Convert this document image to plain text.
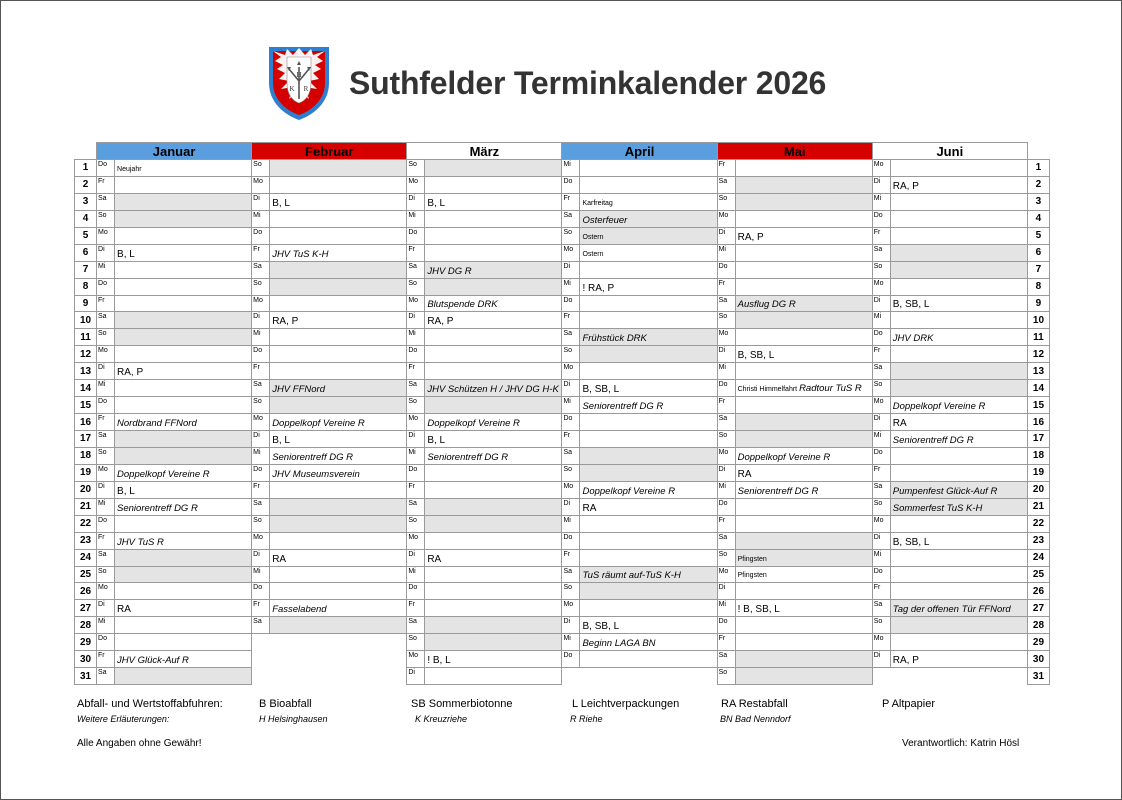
H
K R Suthfelder Terminkalender 2026
	Januar		Februar		März		April		Mai		Juni		
1	Do	Neujahr	So		So		Mi		Fr		Mo		1
2	Fr		Mo		Mo		Do		Sa		Di	RA, P	2
3	Sa		Di	B, L	Di	B, L	Fr	Karfreitag	So		Mi		3
4	So		Mi		Mi		Sa	Osterfeuer	Mo		Do		4
5	Mo		Do		Do		So	Ostern	Di	RA, P	Fr		5
6	Di	B, L	Fr	JHV TuS K-H	Fr		Mo	Ostern	Mi		Sa		6
7	Mi		Sa		Sa	JHV DG R	Di		Do		So		7
8	Do		So		So		Mi	! RA, P	Fr		Mo		8
9	Fr		Mo		Mo	Blutspende DRK	Do		Sa	Ausflug DG R	Di	B, SB, L	9
10	Sa		Di	RA, P	Di	RA, P	Fr		So		Mi		10
11	So		Mi		Mi		Sa	Frühstück DRK	Mo		Do	JHV DRK	11
12	Mo		Do		Do		So		Di	B, SB, L	Fr		12
13	Di	RA, P	Fr		Fr		Mo		Mi		Sa		13
14	Mi		Sa	JHV FFNord	Sa	JHV Schützen H / JHV DG H-K	Di	B, SB, L	Do	Christi Himmelfahrt Radtour TuS R	So		14
15	Do		So		So		Mi	Seniorentreff DG R	Fr		Mo	Doppelkopf Vereine R	15
16	Fr	Nordbrand FFNord	Mo	Doppelkopf Vereine R	Mo	Doppelkopf Vereine R	Do		Sa		Di	RA	16
17	Sa		Di	B, L	Di	B, L	Fr		So		Mi	Seniorentreff DG R	17
18	So		Mi	Seniorentreff DG R	Mi	Seniorentreff DG R	Sa		Mo	Doppelkopf Vereine R	Do		18
19	Mo	Doppelkopf Vereine R	Do	JHV Museumsverein	Do		So		Di	RA	Fr		19
20	Di	B, L	Fr		Fr		Mo	Doppelkopf Vereine R	Mi	Seniorentreff DG R	Sa	Pumpenfest Glück-Auf R	20
21	Mi	Seniorentreff DG R	Sa		Sa		Di	RA	Do		So	Sommerfest TuS K-H	21
22	Do		So		So		Mi		Fr		Mo		22
23	Fr	JHV TuS R	Mo		Mo		Do		Sa		Di	B, SB, L	23
24	Sa		Di	RA	Di	RA	Fr		So	Pfingsten	Mi		24
25	So		Mi		Mi		Sa	TuS räumt auf-TuS K-H	Mo	Pfingsten	Do		25
26	Mo		Do		Do		So		Di		Fr		26
27	Di	RA	Fr	Fasselabend	Fr		Mo		Mi	! B, SB, L	Sa	Tag der offenen Tür FFNord	27
28	Mi		Sa		Sa		Di	B, SB, L	Do		So		28
29	Do				So		Mi	Beginn LAGA BN	Fr		Mo		29
30	Fr	JHV Glück-Auf R			Mo	! B, L	Do		Sa		Di	RA, P	30
31	Sa				Di				So				31
Abfall- und Wertstoffabfuhren:	B Bioabfall	SB Sommerbiotonne	L Leichtverpackungen	RA Restabfall	P Altpapier
Weitere Erläuterungen:	H Helsinghausen	K Kreuzriehe	R Riehe	BN Bad Nenndorf
Alle Angaben ohne Gewähr!	Verantwortlich: Katrin Hösl
